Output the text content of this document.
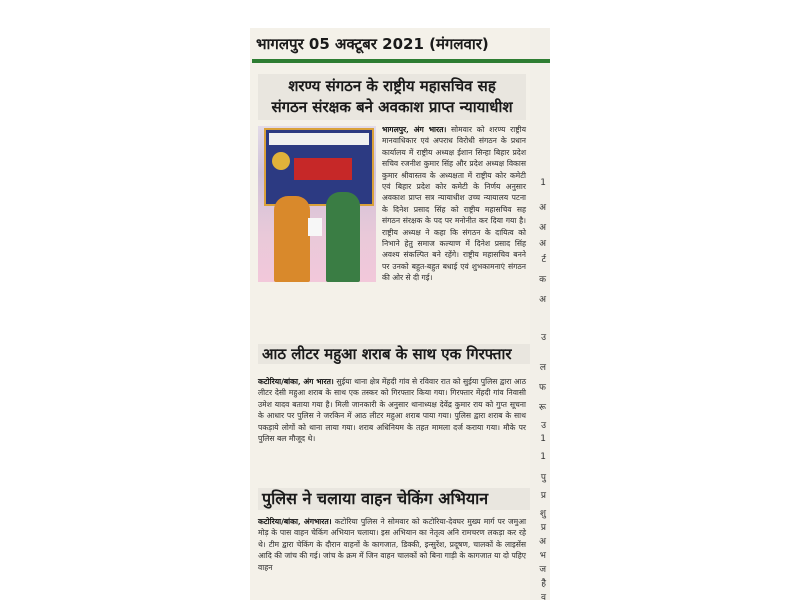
1
अ
अ
अ
र्ट
क
अ
उ
ल
फ
रू
उ
1
1
पु
प्र
शु
प्र
अ
भ
ज
है
व
भागलपुर 05 अक्टूबर 2021 (मंगलवार)
शरण्य संगठन के राष्ट्रीय महासचिव सह
संगठन संरक्षक बने अवकाश प्राप्त न्यायाधीश

भागलपुर, अंग भारत। सोमवार को शरण्य राष्ट्रीय मानवाधिकार एवं अपराध विरोधी संगठन के प्रधान कार्यालय में राष्ट्रीय अध्यक्ष ईशान सिन्हा बिहार प्रदेश सचिव रजनीश कुमार सिंह और प्रदेश अध्यक्ष विकास कुमार श्रीवास्तव के अध्यक्षता में राष्ट्रीय कोर कमेटी एवं बिहार प्रदेश कोर कमेटी के निर्णय अनुसार अवकाश प्राप्त सत्र न्यायाधीश उच्च न्यायालय पटना के दिनेश प्रसाद सिंह को राष्ट्रीय महासचिव सह संगठन संरक्षक के पद पर मनोनीत कर दिया गया है। राष्ट्रीय अध्यक्ष ने कहा कि संगठन के दायित्व को निभाने हेतु समाज कल्याण में दिनेश प्रसाद सिंह अवश्य संकल्पित बने रहेंगे। राष्ट्रीय महासचिव बनने पर उनको बहुत-बहुत बधाई एवं शुभकामनाएं संगठन की ओर से दी गई।

आठ लीटर महुआ शराब के साथ एक गिरफ्तार

कटोरिया/बांका, अंग भारत। सुईया थाना क्षेत्र मेंहदी गांव से रविवार रात को सुईया पुलिस द्वारा आठ लीटर देसी महुआ शराब के साथ एक तस्कर को गिरफ्तार किया गया। गिरफ्तार मेंहदी गांव निवासी उमेश यादव बताया गया है। मिली जानकारी के अनुसार थानाध्यक्ष देवेंद्र कुमार राय को गुप्त सूचना के आधार पर पुलिस ने जरकिन में आठ लीटर महुआ शराब पाया गया। पुलिस द्वारा शराब के साथ पकड़ाये लोगों को थाना लाया गया। शराब अधिनियम के तहत मामला दर्ज कराया गया। मौके पर पुलिस बल मौजूद थे।

पुलिस ने चलाया वाहन चेकिंग अभियान

कटोरिया/बांका, अंगभारत। कटोरिया पुलिस ने सोमवार को कटोरिया-देवघर मुख्य मार्ग पर जमुआ मोड़ के पास वाहन चेकिंग अभियान चलाया। इस अभियान का नेतृत्व अनि रामचरण लकड़ा कर रहे थे। टीम द्वारा चेकिंग के दौरान वाहनों के कागजात, डिक्की, इन्सुरेंश, प्रदूषण, चालकों के लाइसेंस आदि की जांच की गई। जांच के क्रम में जिन वाहन चालकों को बिना गाड़ी के कागजात या दो पहिए वाहन
